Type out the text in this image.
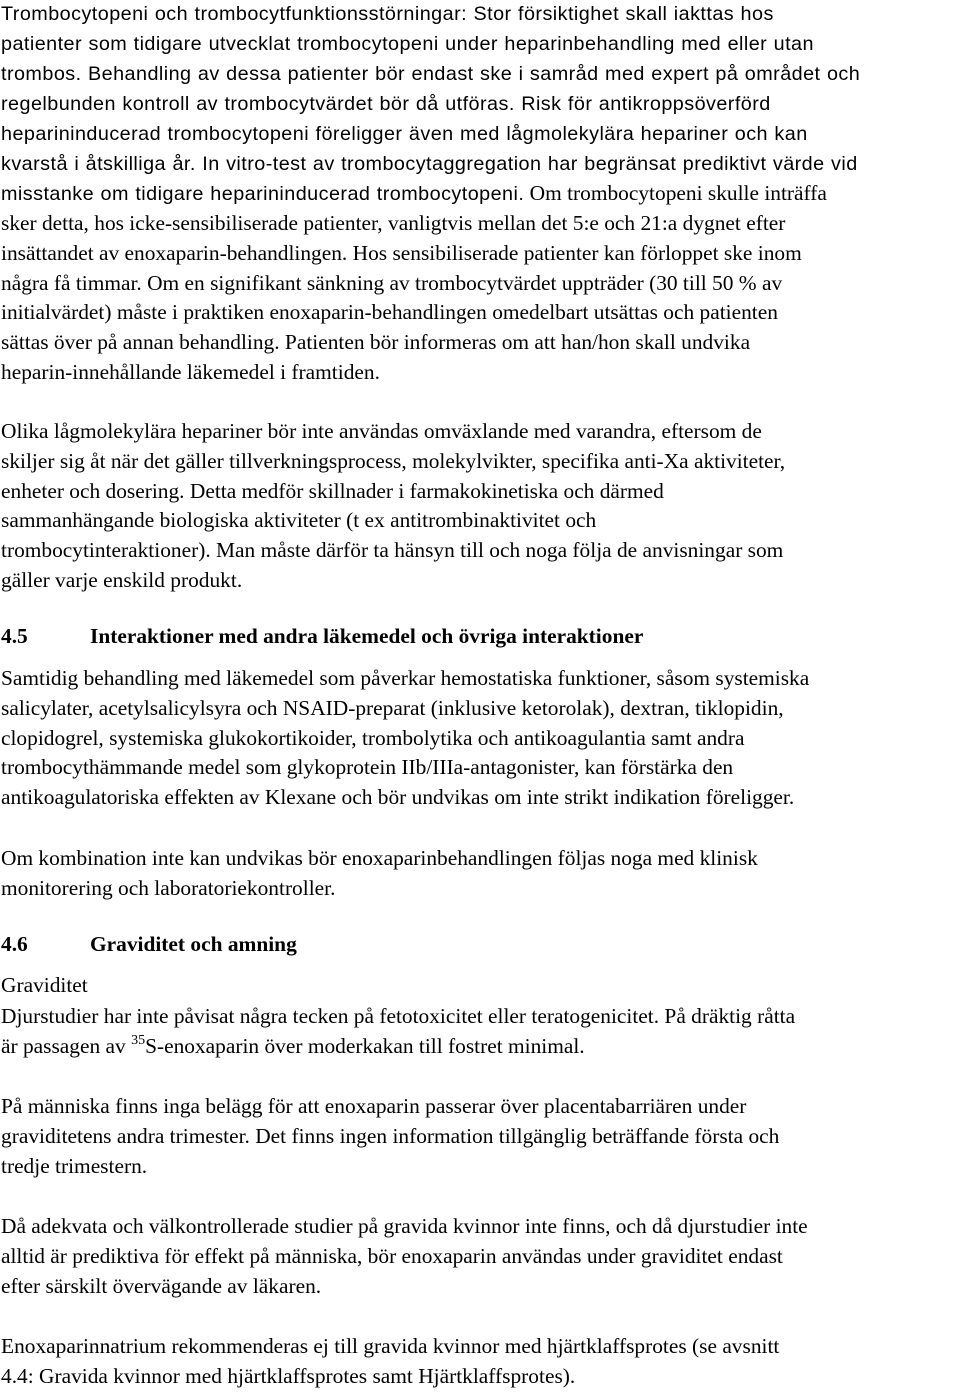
Trombocytopeni och trombocytfunktionsstörningar: Stor försiktighet skall iakttas hos
patienter som tidigare utvecklat trombocytopeni under heparinbehandling med eller utan
trombos. Behandling av dessa patienter bör endast ske i samråd med expert på området och
regelbunden kontroll av trombocytvärdet bör då utföras. Risk för antikroppsöverförd
heparininducerad trombocytopeni föreligger även med lågmolekylära hepariner och kan
kvarstå i åtskilliga år. In vitro-test av trombocytaggregation har begränsat prediktivt värde vid
misstanke om tidigare heparininducerad trombocytopeni. Om trombocytopeni skulle inträffa
sker detta, hos icke-sensibiliserade patienter, vanligtvis mellan det 5:e och 21:a dygnet efter
insättandet av enoxaparin-behandlingen. Hos sensibiliserade patienter kan förloppet ske inom
några få timmar. Om en signifikant sänkning av trombocytvärdet uppträder (30 till 50 % av
initialvärdet) måste i praktiken enoxaparin-behandlingen omedelbart utsättas och patienten
sättas över på annan behandling. Patienten bör informeras om att han/hon skall undvika
heparin-innehållande läkemedel i framtiden.
Olika lågmolekylära hepariner bör inte användas omväxlande med varandra, eftersom de
skiljer sig åt när det gäller tillverkningsprocess, molekylvikter, specifika anti-Xa aktiviteter,
enheter och dosering. Detta medför skillnader i farmakokinetiska och därmed
sammanhängande biologiska aktiviteter (t ex antitrombinaktivitet och
trombocytinteraktioner). Man måste därför ta hänsyn till och noga följa de anvisningar som
gäller varje enskild produkt.
4.5	Interaktioner med andra läkemedel och övriga interaktioner
Samtidig behandling med läkemedel som påverkar hemostatiska funktioner, såsom systemiska
salicylater, acetylsalicylsyra och NSAID-preparat (inklusive ketorolak), dextran, tiklopidin,
clopidogrel, systemiska glukokortikoider, trombolytika och antikoagulantia samt andra
trombocythämmande medel som glykoprotein IIb/IIIa-antagonister, kan förstärka den
antikoagulatoriska effekten av Klexane och bör undvikas om inte strikt indikation föreligger.
Om kombination inte kan undvikas bör enoxaparinbehandlingen följas noga med klinisk
monitorering och laboratoriekontroller.
4.6	Graviditet och amning
Graviditet
Djurstudier har inte påvisat några tecken på fetotoxicitet eller teratogenicitet. På dräktig råtta
är passagen av $^{35}$S-enoxaparin över moderkakan till fostret minimal.
På människa finns inga belägg för att enoxaparin passerar över placentabarriären under
graviditetens andra trimester. Det finns ingen information tillgänglig beträffande första och
tredje trimestern.
Då adekvata och välkontrollerade studier på gravida kvinnor inte finns, och då djurstudier inte
alltid är prediktiva för effekt på människa, bör enoxaparin användas under graviditet endast
efter särskilt övervägande av läkaren.
Enoxaparinnatrium rekommenderas ej till gravida kvinnor med hjärtklaffsprotes (se avsnitt
4.4: Gravida kvinnor med hjärtklaffsprotes samt Hjärtklaffsprotes).
